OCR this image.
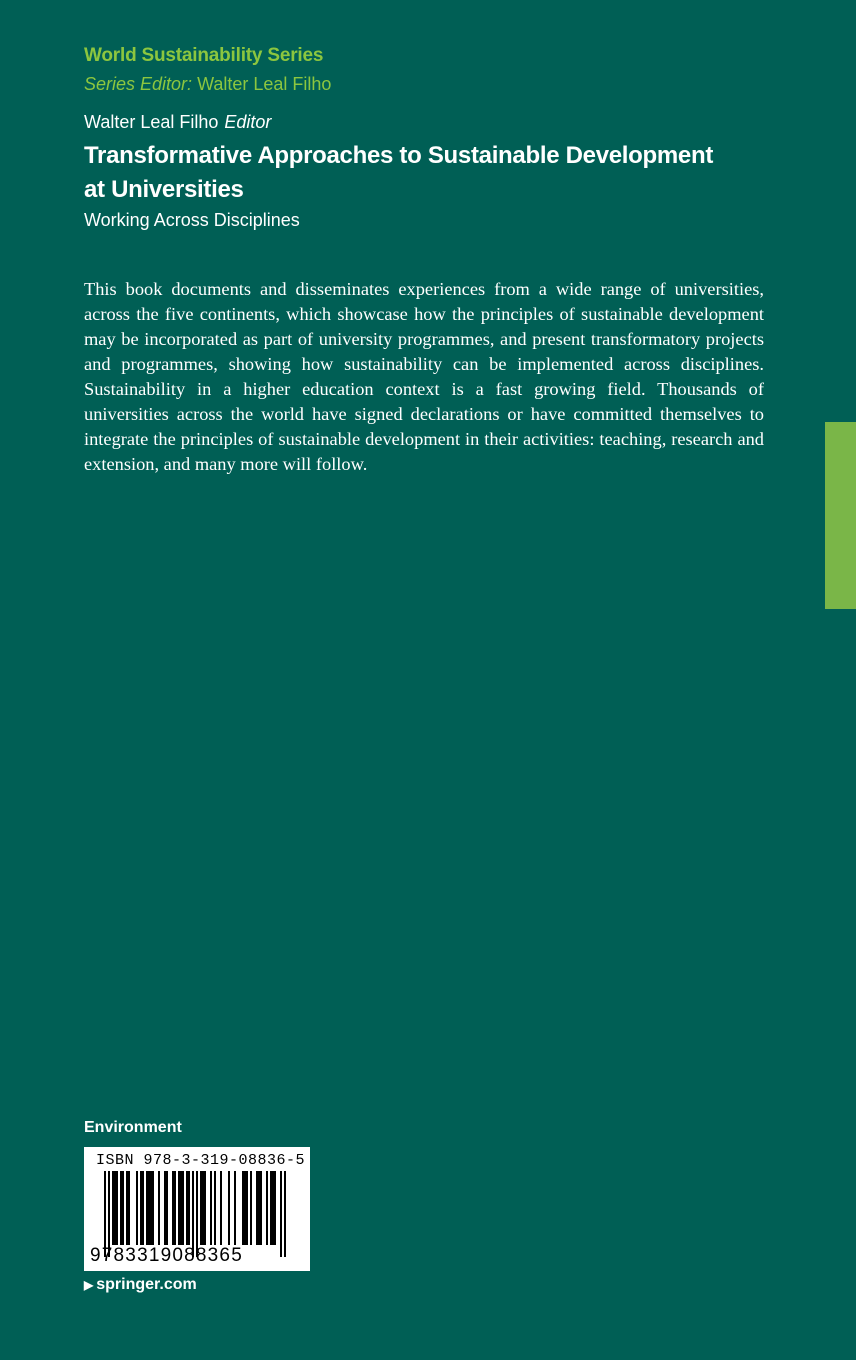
World Sustainability Series
Series Editor: Walter Leal Filho
Walter Leal Filho Editor
Transformative Approaches to Sustainable Development at Universities
Working Across Disciplines

This book documents and disseminates experiences from a wide range of universities, across the five continents, which showcase how the principles of sustainable development may be incorporated as part of university programmes, and present transformatory projects and programmes, showing how sustainability can be implemented across disciplines. Sustainability in a higher education context is a fast growing field. Thousands of universities across the world have signed declarations or have committed themselves to integrate the principles of sustainable development in their activities: teaching, research and extension, and many more will follow.

Environment
ISBN 978-3-319-08836-5
9783319088365
▶ springer.com
